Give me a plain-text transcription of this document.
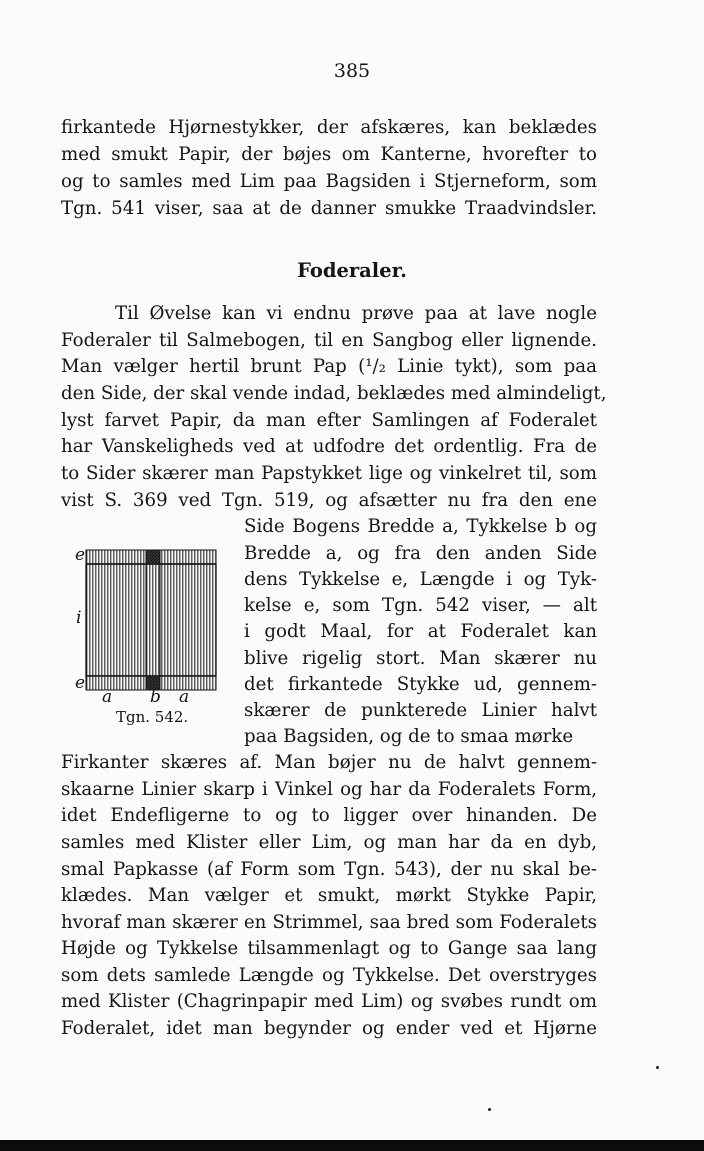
385
firkantede Hjørnestykker, der afskæres, kan beklædes
med smukt Papir, der bøjes om Kanterne, hvorefter to
og to samles med Lim paa Bagsiden i Stjerneform, som
Tgn. 541 viser, saa at de danner smukke Traadvindsler.
Foderaler.
Til Øvelse kan vi endnu prøve paa at lave nogle
Foderaler til Salmebogen, til en Sangbog eller lignende.
Man vælger hertil brunt Pap (¹/₂ Linie tykt), som paa
den Side, der skal vende indad, beklædes med almindeligt,
lyst farvet Papir, da man efter Samlingen af Foderalet
har Vanskeligheds ved at udfodre det ordentlig. Fra de
to Sider skærer man Papstykket lige og vinkelret til, som
vist S. 369 ved Tgn. 519, og afsætter nu fra den ene
Side Bogens Bredde a, Tykkelse b og
Bredde a, og fra den anden Side
dens Tykkelse e, Længde i og Tyk-
kelse e, som Tgn. 542 viser, — alt
i godt Maal, for at Foderalet kan
blive rigelig stort. Man skærer nu
det firkantede Stykke ud, gennem-
skærer de punkterede Linier halvt
paa Bagsiden, og de to smaa mørke
Firkanter skæres af. Man bøjer nu de halvt gennem-
skaarne Linier skarp i Vinkel og har da Foderalets Form,
idet Endefligerne to og to ligger over hinanden. De
samles med Klister eller Lim, og man har da en dyb,
smal Papkasse (af Form som Tgn. 543), der nu skal be-
klædes. Man vælger et smukt, mørkt Stykke Papir,
hvoraf man skærer en Strimmel, saa bred som Foderalets
Højde og Tykkelse tilsammenlagt og to Gange saa lang
som dets samlede Længde og Tykkelse. Det overstryges
med Klister (Chagrinpapir med Lim) og svøbes rundt om
Foderalet, idet man begynder og ender ved et Hjørne
e
i
e
a b a
Tgn. 542.
